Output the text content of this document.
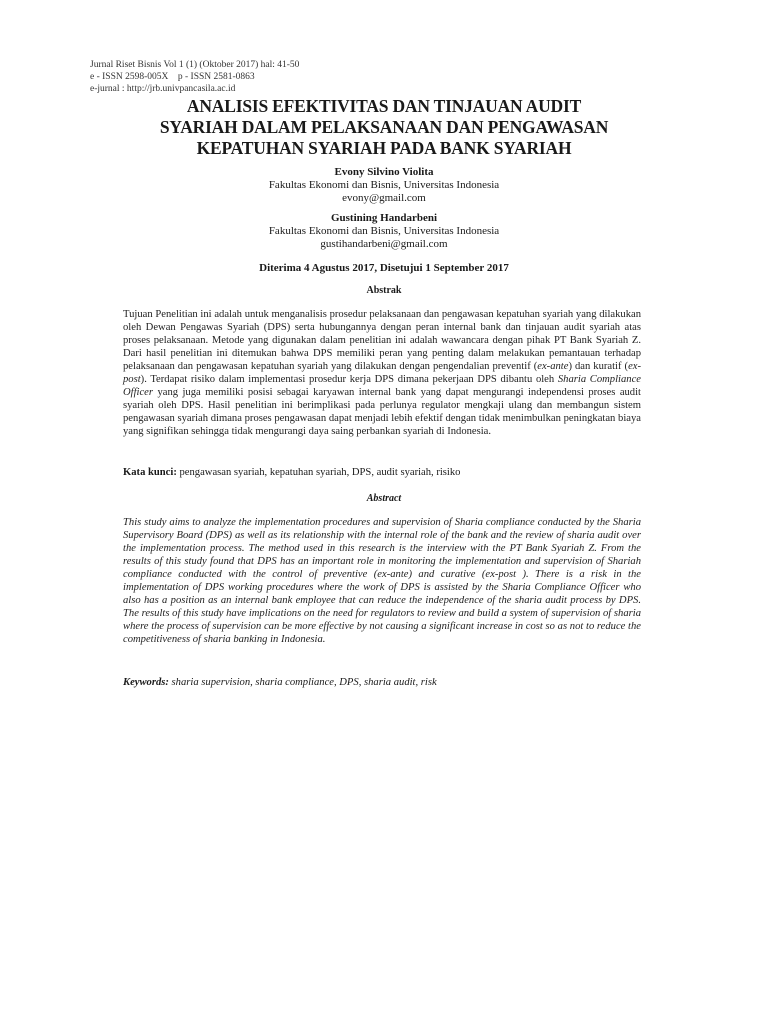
Jurnal Riset Bisnis Vol 1 (1) (Oktober 2017) hal: 41-50
e - ISSN 2598-005X    p - ISSN 2581-0863
e-jurnal : http://jrb.univpancasila.ac.id
ANALISIS EFEKTIVITAS DAN TINJAUAN AUDIT
SYARIAH DALAM PELAKSANAAN DAN PENGAWASAN
KEPATUHAN SYARIAH PADA BANK SYARIAH
Evony Silvino Violita
Fakultas Ekonomi dan Bisnis, Universitas Indonesia
evony@gmail.com
Gustining Handarbeni
Fakultas Ekonomi dan Bisnis, Universitas Indonesia
gustihandarbeni@gmail.com
Diterima 4 Agustus 2017, Disetujui 1 September 2017
Abstrak
Tujuan Penelitian ini adalah untuk menganalisis prosedur pelaksanaan dan pengawasan kepatuhan syariah yang dilakukan oleh Dewan Pengawas Syariah (DPS) serta hubungannya dengan peran internal bank dan tinjauan audit syariah atas proses pelaksanaan. Metode yang digunakan dalam penelitian ini adalah wawancara dengan pihak PT Bank Syariah Z. Dari hasil penelitian ini ditemukan bahwa DPS memiliki peran yang penting dalam melakukan pemantauan terhadap pelaksanaan dan pengawasan kepatuhan syariah yang dilakukan dengan pengendalian preventif (ex-ante) dan kuratif (ex-post). Terdapat risiko dalam implementasi prosedur kerja DPS dimana pekerjaan DPS dibantu oleh Sharia Compliance Officer yang juga memiliki posisi sebagai karyawan internal bank yang dapat mengurangi independensi proses audit syariah oleh DPS. Hasil penelitian ini berimplikasi pada perlunya regulator mengkaji ulang dan membangun sistem pengawasan syariah dimana proses pengawasan dapat menjadi lebih efektif dengan tidak menimbulkan peningkatan biaya yang signifikan sehingga tidak mengurangi daya saing perbankan syariah di Indonesia.
Kata kunci: pengawasan syariah, kepatuhan syariah, DPS, audit syariah, risiko
Abstract
This study aims to analyze the implementation procedures and supervision of Sharia compliance conducted by the Sharia Supervisory Board (DPS) as well as its relationship with the internal role of the bank and the review of sharia audit over the implementation process. The method used in this research is the interview with the PT Bank Syariah Z. From the results of this study found that DPS has an important role in monitoring the implementation and supervision of Shariah compliance conducted with the control of preventive (ex-ante) and curative (ex-post ). There is a risk in the implementation of DPS working procedures where the work of DPS is assisted by the Sharia Compliance Officer who also has a position as an internal bank employee that can reduce the independence of the sharia audit process by DPS. The results of this study have implications on the need for regulators to review and build a system of supervision of sharia where the process of supervision can be more effective by not causing a significant increase in cost so as not to reduce the competitiveness of sharia banking in Indonesia.
Keywords: sharia supervision, sharia compliance, DPS, sharia audit, risk
